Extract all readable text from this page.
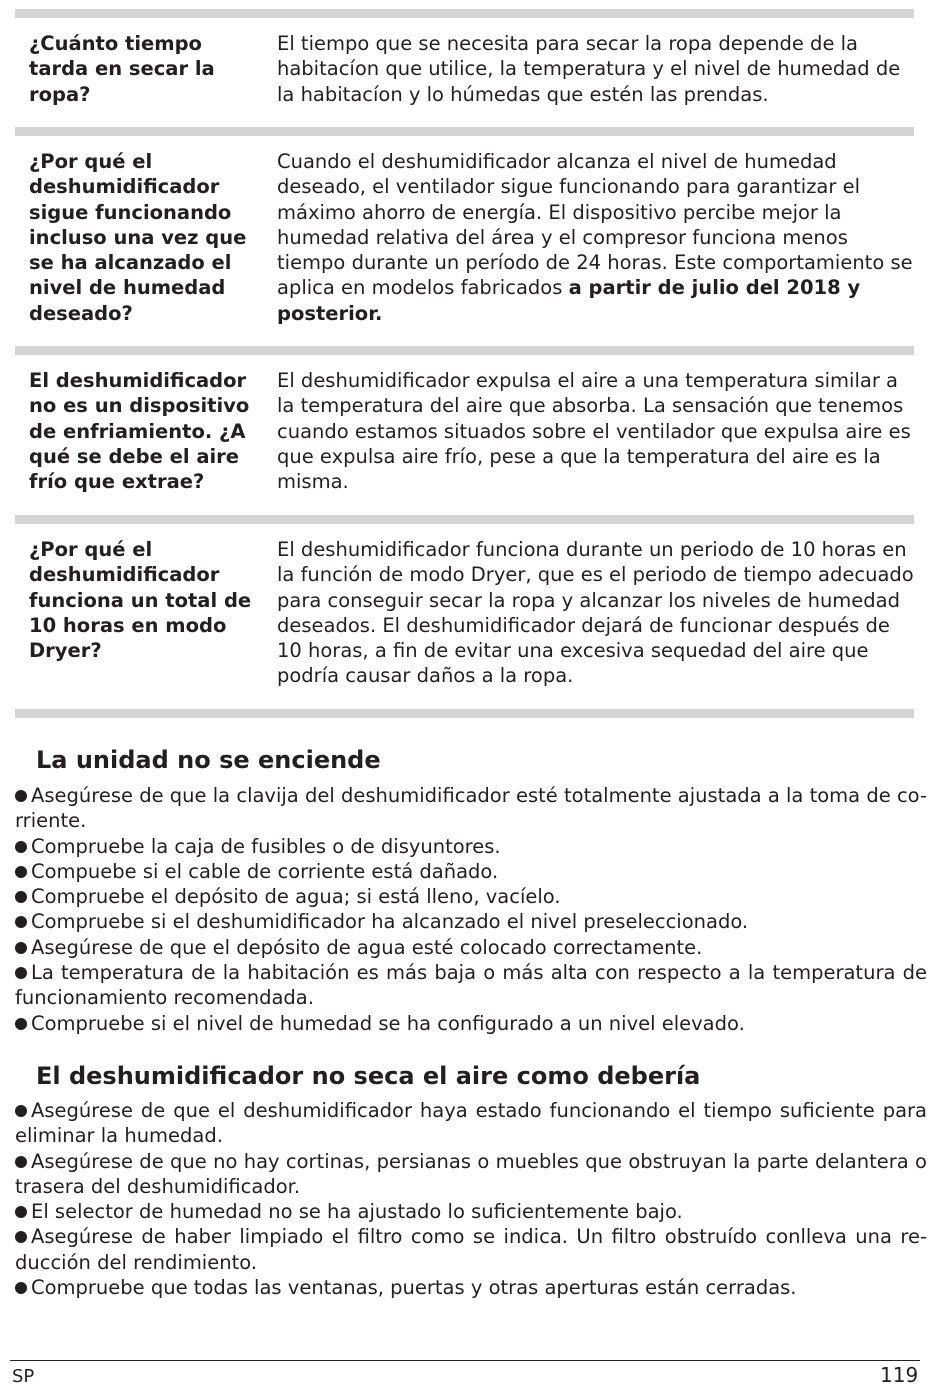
¿Cuánto tiempo tarda en secar la ropa?

El tiempo que se necesita para secar la ropa depende de la habitacíon que utilice, la temperatura y el nivel de humedad de la habitacíon y lo húmedas que estén las prendas.

¿Por qué el deshumidificador sigue funcionando incluso una vez que se ha alcanzado el nivel de humedad deseado?

Cuando el deshumidificador alcanza el nivel de humedad deseado, el ventilador sigue funcionando para garantizar el máximo ahorro de energía. El dispositivo percibe mejor la humedad relativa del área y el compresor funciona menos tiempo durante un período de 24 horas. Este comportamiento se aplica en modelos fabricados a partir de julio del 2018 y posterior.

El deshumidificador no es un dispositivo de enfriamiento. ¿A qué se debe el aire frío que extrae?

El deshumidificador expulsa el aire a una temperatura similar a la temperatura del aire que absorba. La sensación que tenemos cuando estamos situados sobre el ventilador que expulsa aire es que expulsa aire frío, pese a que la temperatura del aire es la misma.

¿Por qué el deshumidificador funciona un total de 10 horas en modo Dryer?

El deshumidificador funciona durante un periodo de 10 horas en la función de modo Dryer, que es el periodo de tiempo adecuado para conseguir secar la ropa y alcanzar los niveles de humedad deseados. El deshumidificador dejará de funcionar después de 10 horas, a fin de evitar una excesiva sequedad del aire que podría causar daños a la ropa.

La unidad no se enciende
Asegúrese de que la clavija del deshumidificador esté totalmente ajustada a la toma de co-rriente.
Compruebe la caja de fusibles o de disyuntores.
Compuebe si el cable de corriente está dañado.
Compruebe el depósito de agua; si está lleno, vacíelo.
Compruebe si el deshumidificador ha alcanzado el nivel preseleccionado.
Asegúrese de que el depósito de agua esté colocado correctamente.
La temperatura de la habitación es más baja o más alta con respecto a la temperatura de funcionamiento recomendada.
Compruebe si el nivel de humedad se ha configurado a un nivel elevado.
El deshumidificador no seca el aire como debería
Asegúrese de que el deshumidificador haya estado funcionando el tiempo suficiente para eliminar la humedad.
Asegúrese de que no hay cortinas, persianas o muebles que obstruyan la parte delantera o trasera del deshumidificador.
El selector de humedad no se ha ajustado lo suficientemente bajo.
Asegúrese de haber limpiado el filtro como se indica. Un filtro obstruído conlleva una re-ducción del rendimiento.
Compruebe que todas las ventanas, puertas y otras aperturas están cerradas.
SP	119
